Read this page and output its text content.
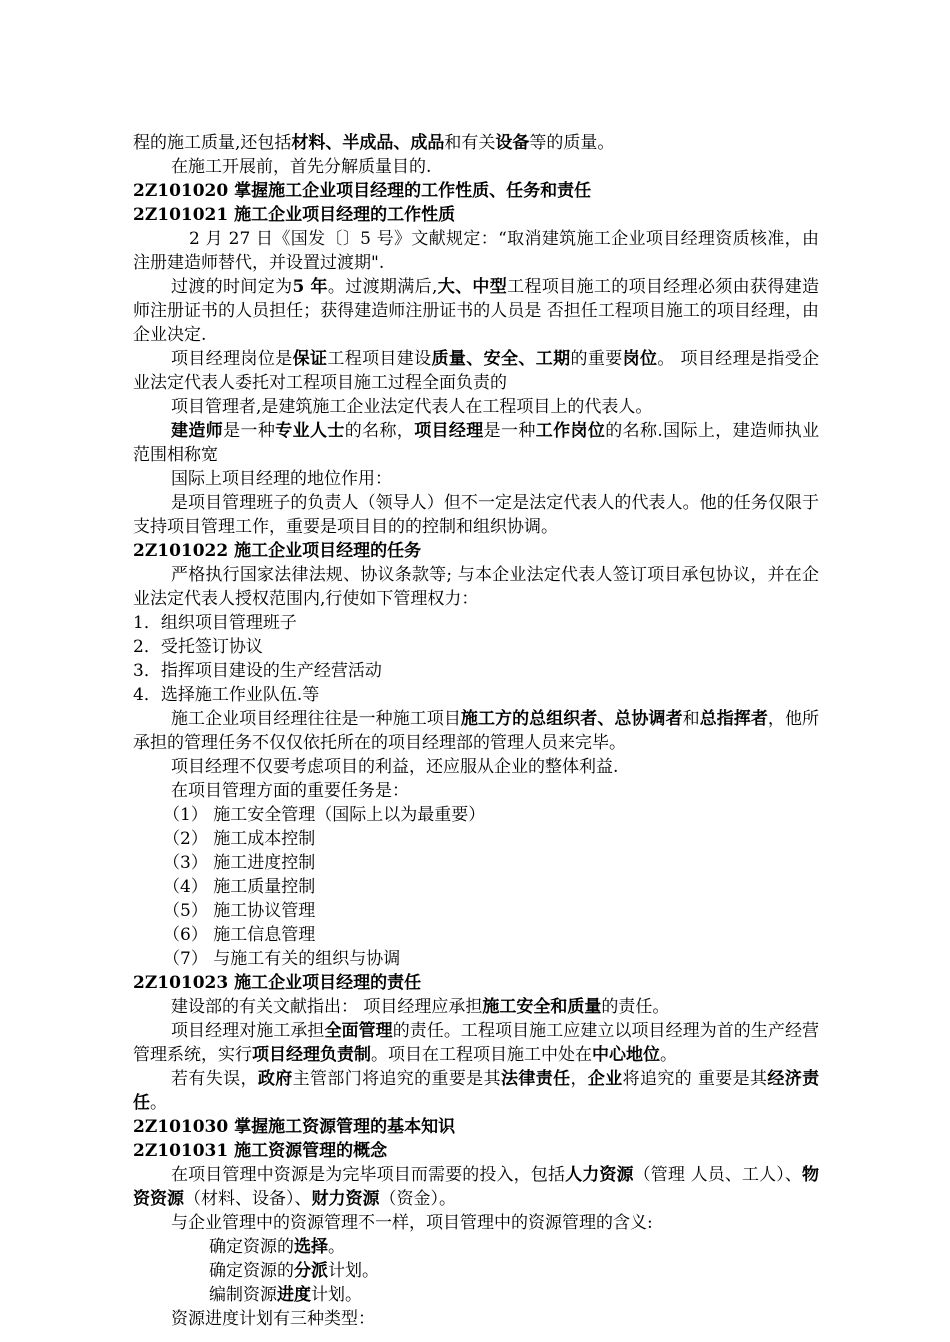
程的施工质量,还包括材料、半成品、成品和有关设备等的质量。

在施工开展前，首先分解质量目的.

2Z101020 掌握施工企业项目经理的工作性质、任务和责任

2Z101021 施工企业项目经理的工作性质

2 月 27 日《国发〔〕5 号》文献规定：“取消建筑施工企业项目经理资质核准，由注册建造师替代，并设置过渡期".

过渡的时间定为5 年。过渡期满后,大、中型工程项目施工的项目经理必须由获得建造师注册证书的人员担任；获得建造师注册证书的人员是 否担任工程项目施工的项目经理，由企业决定.

项目经理岗位是保证工程项目建设质量、安全、工期的重要岗位。 项目经理是指受企业法定代表人委托对工程项目施工过程全面负责的

项目管理者,是建筑施工企业法定代表人在工程项目上的代表人。

建造师是一种专业人士的名称，项目经理是一种工作岗位的名称.国际上，建造师执业范围相称宽

国际上项目经理的地位作用：

是项目管理班子的负责人（领导人）但不一定是法定代表人的代表人。他的任务仅限于支持项目管理工作，重要是项目目的的控制和组织协调。

2Z101022 施工企业项目经理的任务

严格执行国家法律法规、协议条款等; 与本企业法定代表人签订项目承包协议，并在企业法定代表人授权范围内,行使如下管理权力：

1．组织项目管理班子

2．受托签订协议

3．指挥项目建设的生产经营活动

4．选择施工作业队伍.等

施工企业项目经理往往是一种施工项目施工方的总组织者、总协调者和总指挥者，他所承担的管理任务不仅仅依托所在的项目经理部的管理人员来完毕。

项目经理不仅要考虑项目的利益，还应服从企业的整体利益.

在项目管理方面的重要任务是：

（1） 施工安全管理（国际上以为最重要）

（2） 施工成本控制

（3） 施工进度控制

（4） 施工质量控制

（5） 施工协议管理

（6） 施工信息管理

（7） 与施工有关的组织与协调

2Z101023 施工企业项目经理的责任

建设部的有关文献指出： 项目经理应承担施工安全和质量的责任。

项目经理对施工承担全面管理的责任。工程项目施工应建立以项目经理为首的生产经营管理系统，实行项目经理负责制。项目在工程项目施工中处在中心地位。

若有失误，政府主管部门将追究的重要是其法律责任，企业将追究的 重要是其经济责任。

2Z101030 掌握施工资源管理的基本知识

2Z101031 施工资源管理的概念

在项目管理中资源是为完毕项目而需要的投入，包括人力资源（管理 人员、工人）、物资资源（材料、设备）、财力资源（资金）。

与企业管理中的资源管理不一样，项目管理中的资源管理的含义:

确定资源的选择。

确定资源的分派计划。

编制资源进度计划。

资源进度计划有三种类型：
